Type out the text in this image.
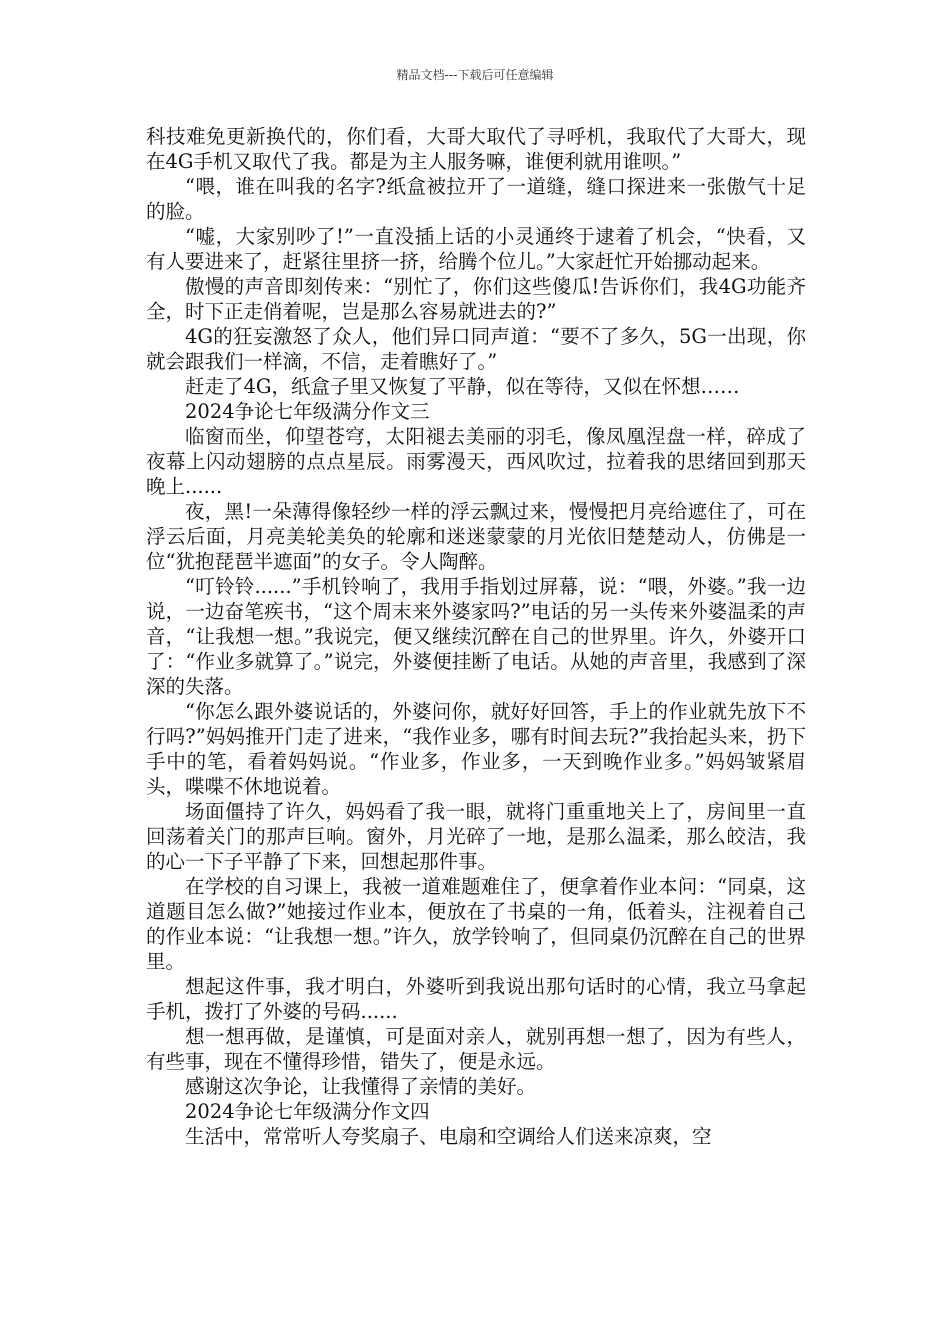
精品文档---下载后可任意编辑

科技难免更新换代的，你们看，大哥大取代了寻呼机，我取代了大哥大，现在4G手机又取代了我。都是为主人服务嘛，谁便利就用谁呗。”

“喂，谁在叫我的名字?纸盒被拉开了一道缝，缝口探进来一张傲气十足的脸。

“嘘，大家别吵了!”一直没插上话的小灵通终于逮着了机会，“快看，又有人要进来了，赶紧往里挤一挤，给腾个位儿。”大家赶忙开始挪动起来。

傲慢的声音即刻传来：“别忙了，你们这些傻瓜!告诉你们，我4G功能齐全，时下正走俏着呢，岂是那么容易就进去的?”

4G的狂妄激怒了众人，他们异口同声道：“要不了多久，5G一出现，你就会跟我们一样滴，不信，走着瞧好了。”

赶走了4G，纸盒子里又恢复了平静，似在等待，又似在怀想……

2024争论七年级满分作文三

临窗而坐，仰望苍穹，太阳褪去美丽的羽毛，像凤凰涅盘一样，碎成了夜幕上闪动翅膀的点点星辰。雨雾漫天，西风吹过，拉着我的思绪回到那天晚上......

夜，黑!一朵薄得像轻纱一样的浮云飘过来，慢慢把月亮给遮住了，可在浮云后面，月亮美轮美奂的轮廓和迷迷蒙蒙的月光依旧楚楚动人，仿佛是一位“犹抱琵琶半遮面”的女子。令人陶醉。

“叮铃铃......”手机铃响了，我用手指划过屏幕，说：“喂，外婆。”我一边说，一边奋笔疾书，“这个周末来外婆家吗?”电话的另一头传来外婆温柔的声音，“让我想一想。”我说完，便又继续沉醉在自己的世界里。许久，外婆开口了：“作业多就算了。”说完，外婆便挂断了电话。从她的声音里，我感到了深深的失落。

“你怎么跟外婆说话的，外婆问你，就好好回答，手上的作业就先放下不行吗?”妈妈推开门走了进来，“我作业多，哪有时间去玩?”我抬起头来，扔下手中的笔，看着妈妈说。“作业多，作业多，一天到晚作业多。”妈妈皱紧眉头，喋喋不休地说着。

场面僵持了许久，妈妈看了我一眼，就将门重重地关上了，房间里一直回荡着关门的那声巨响。窗外，月光碎了一地，是那么温柔，那么皎洁，我的心一下子平静了下来，回想起那件事。

在学校的自习课上，我被一道难题难住了，便拿着作业本问：“同桌，这道题目怎么做?”她接过作业本，便放在了书桌的一角，低着头，注视着自己的作业本说：“让我想一想。”许久，放学铃响了，但同桌仍沉醉在自己的世界里。

想起这件事，我才明白，外婆听到我说出那句话时的心情，我立马拿起手机，拨打了外婆的号码......

想一想再做，是谨慎，可是面对亲人，就别再想一想了，因为有些人，有些事，现在不懂得珍惜，错失了，便是永远。

感谢这次争论，让我懂得了亲情的美好。

2024争论七年级满分作文四

生活中，常常听人夸奖扇子、电扇和空调给人们送来凉爽，空
